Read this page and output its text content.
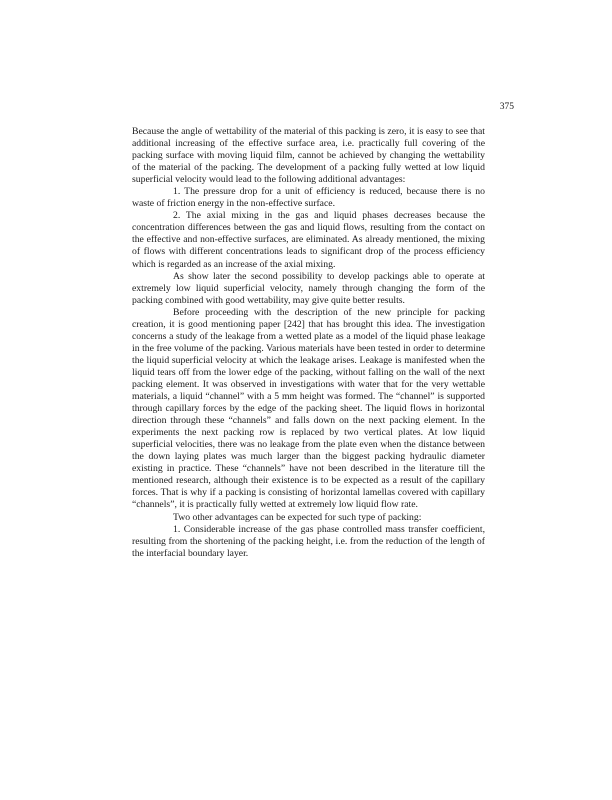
375

Because the angle of wettability of the material of this packing is zero, it is easy to see that additional increasing of the effective surface area, i.e. practically full covering of the packing surface with moving liquid film, cannot be achieved by changing the wettability of the material of the packing. The development of a packing fully wetted at low liquid superficial velocity would lead to the following additional advantages:

1. The pressure drop for a unit of efficiency is reduced, because there is no waste of friction energy in the non-effective surface.

2. The axial mixing in the gas and liquid phases decreases because the concentration differences between the gas and liquid flows, resulting from the contact on the effective and non-effective surfaces, are eliminated. As already mentioned, the mixing of flows with different concentrations leads to significant drop of the process efficiency which is regarded as an increase of the axial mixing.

As show later the second possibility to develop packings able to operate at extremely low liquid superficial velocity, namely through changing the form of the packing combined with good wettability, may give quite better results.

Before proceeding with the description of the new principle for packing creation, it is good mentioning paper [242] that has brought this idea. The investigation concerns a study of the leakage from a wetted plate as a model of the liquid phase leakage in the free volume of the packing. Various materials have been tested in order to determine the liquid superficial velocity at which the leakage arises. Leakage is manifested when the liquid tears off from the lower edge of the packing, without falling on the wall of the next packing element. It was observed in investigations with water that for the very wettable materials, a liquid “channel” with a 5 mm height was formed. The “channel” is supported through capillary forces by the edge of the packing sheet. The liquid flows in horizontal direction through these “channels” and falls down on the next packing element. In the experiments the next packing row is replaced by two vertical plates. At low liquid superficial velocities, there was no leakage from the plate even when the distance between the down laying plates was much larger than the biggest packing hydraulic diameter existing in practice. These “channels” have not been described in the literature till the mentioned research, although their existence is to be expected as a result of the capillary forces. That is why if a packing is consisting of horizontal lamellas covered with capillary “channels”, it is practically fully wetted at extremely low liquid flow rate.

Two other advantages can be expected for such type of packing:

1. Considerable increase of the gas phase controlled mass transfer coefficient, resulting from the shortening of the packing height, i.e. from the reduction of the length of the interfacial boundary layer.
